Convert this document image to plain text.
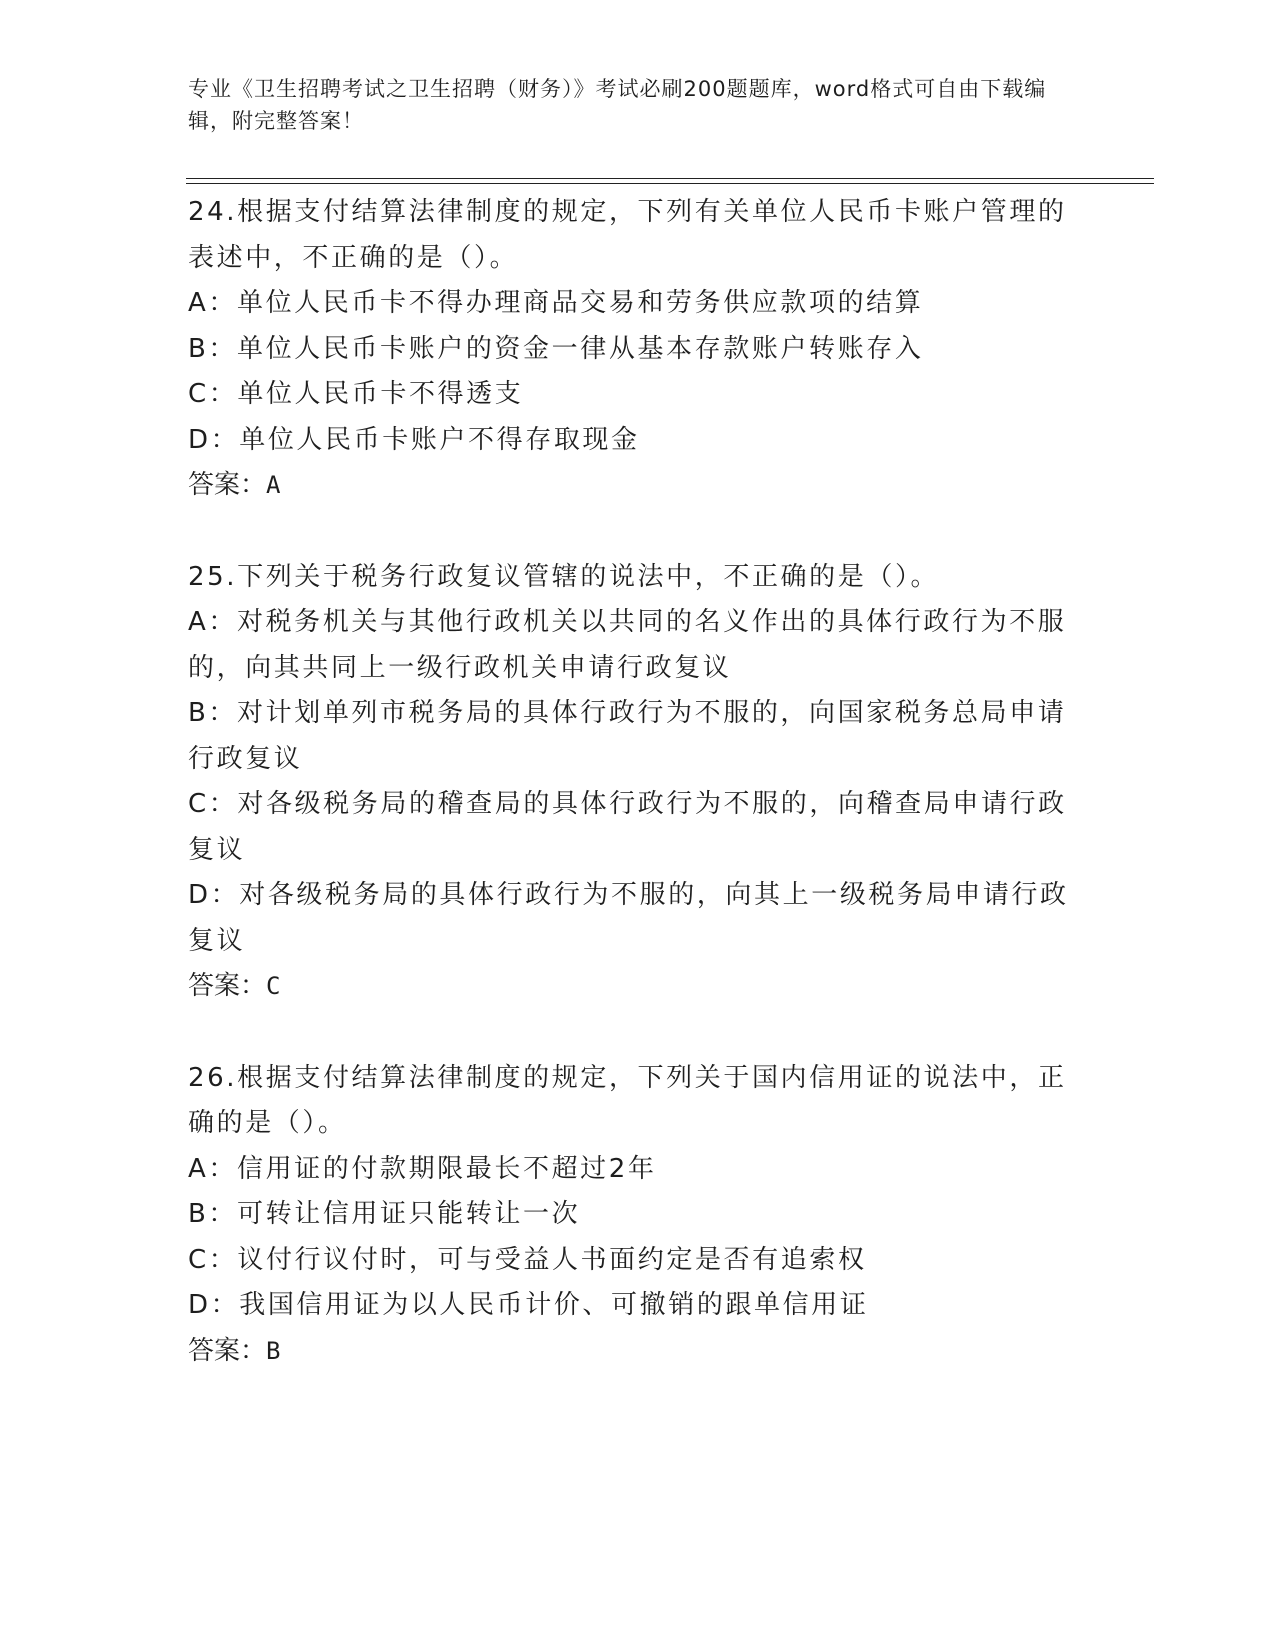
专业《卫生招聘考试之卫生招聘（财务）》考试必刷200题题库，word格式可自由下载编辑，附完整答案！
24.根据支付结算法律制度的规定，下列有关单位人民币卡账户管理的表述中，不正确的是（）。
A：单位人民币卡不得办理商品交易和劳务供应款项的结算
B：单位人民币卡账户的资金一律从基本存款账户转账存入
C：单位人民币卡不得透支
D：单位人民币卡账户不得存取现金
答案：A
25.下列关于税务行政复议管辖的说法中，不正确的是（）。
A：对税务机关与其他行政机关以共同的名义作出的具体行政行为不服的，向其共同上一级行政机关申请行政复议
B：对计划单列市税务局的具体行政行为不服的，向国家税务总局申请行政复议
C：对各级税务局的稽查局的具体行政行为不服的，向稽查局申请行政复议
D：对各级税务局的具体行政行为不服的，向其上一级税务局申请行政复议
答案：C
26.根据支付结算法律制度的规定，下列关于国内信用证的说法中，正确的是（）。
A：信用证的付款期限最长不超过2年
B：可转让信用证只能转让一次
C：议付行议付时，可与受益人书面约定是否有追索权
D：我国信用证为以人民币计价、可撤销的跟单信用证
答案：B
